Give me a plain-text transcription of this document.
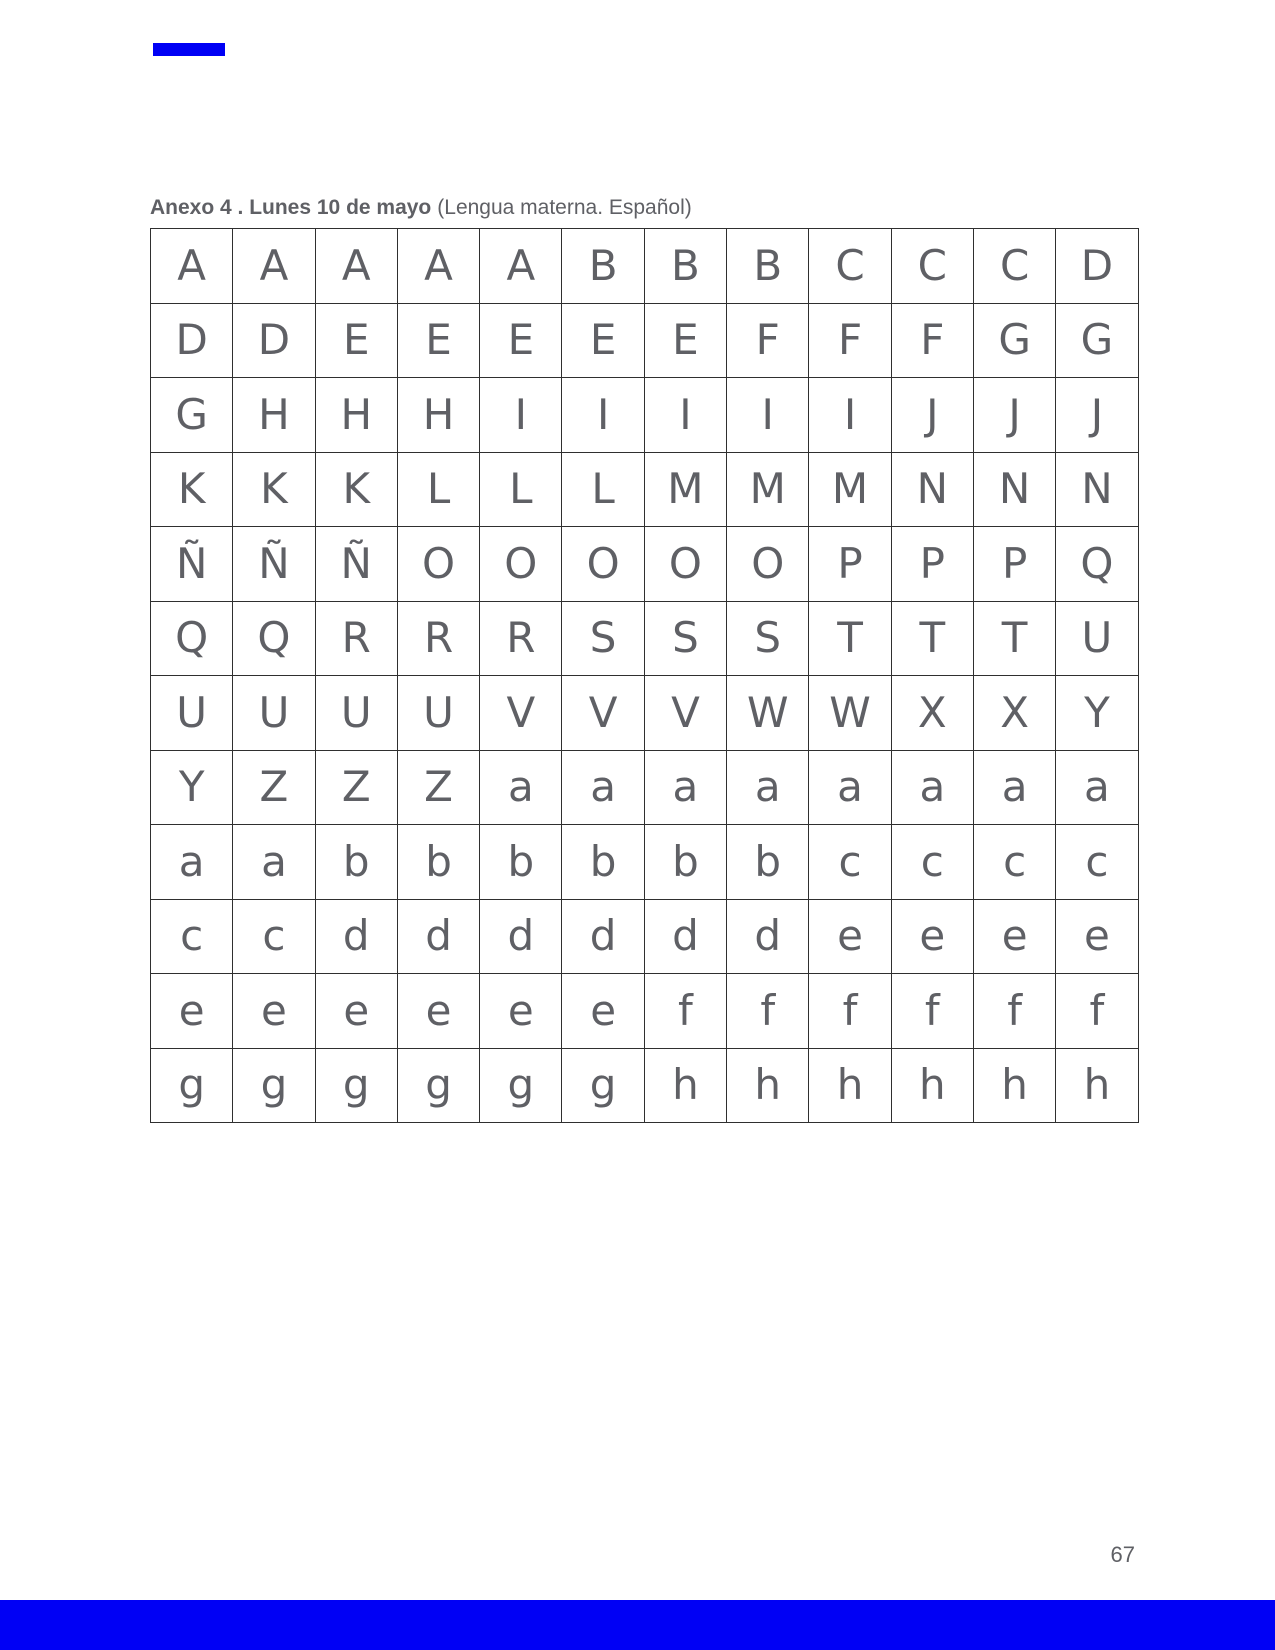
Anexo 4 . Lunes 10 de mayo (Lengua materna. Español)
A	A	A	A	A	B	B	B	C	C	C	D
D	D	E	E	E	E	E	F	F	F	G	G
G	H	H	H	I	I	I	I	I	J	J	J
K	K	K	L	L	L	M	M	M	N	N	N
Ñ	Ñ	Ñ	O	O	O	O	O	P	P	P	Q
Q	Q	R	R	R	S	S	S	T	T	T	U
U	U	U	U	V	V	V	W	W	X	X	Y
Y	Z	Z	Z	a	a	a	a	a	a	a	a
a	a	b	b	b	b	b	b	c	c	c	c
c	c	d	d	d	d	d	d	e	e	e	e
e	e	e	e	e	e	f	f	f	f	f	f
g	g	g	g	g	g	h	h	h	h	h	h
67
